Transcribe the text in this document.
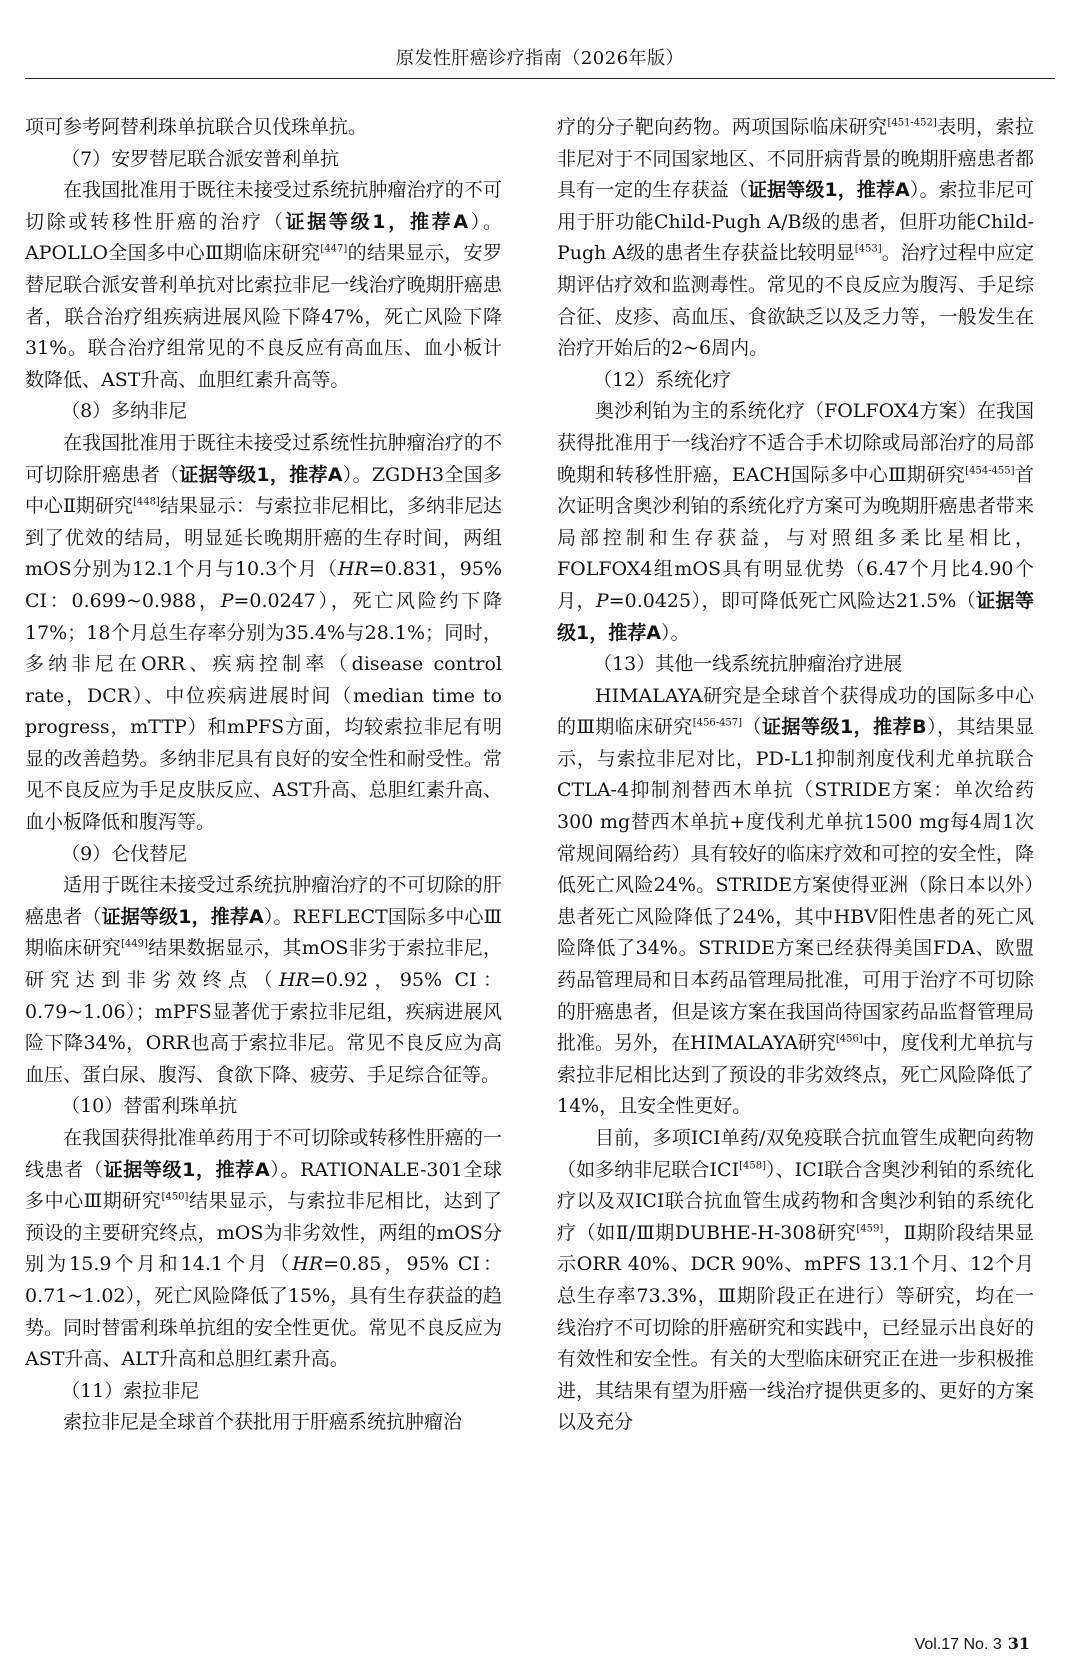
原发性肝癌诊疗指南（2026年版）

项可参考阿替利珠单抗联合贝伐珠单抗。

（7）安罗替尼联合派安普利单抗

在我国批准用于既往未接受过系统抗肿瘤治疗的不可切除或转移性肝癌的治疗（证据等级1，推荐A）。APOLLO全国多中心Ⅲ期临床研究[447]的结果显示，安罗替尼联合派安普利单抗对比索拉非尼一线治疗晚期肝癌患者，联合治疗组疾病进展风险下降47%，死亡风险下降31%。联合治疗组常见的不良反应有高血压、血小板计数降低、AST升高、血胆红素升高等。

（8）多纳非尼

在我国批准用于既往未接受过系统性抗肿瘤治疗的不可切除肝癌患者（证据等级1，推荐A）。ZGDH3全国多中心Ⅱ期研究[448]结果显示：与索拉非尼相比，多纳非尼达到了优效的结局，明显延长晚期肝癌的生存时间，两组mOS分别为12.1个月与10.3个月（HR=0.831，95% CI：0.699~0.988，P=0.0247），死亡风险约下降17%；18个月总生存率分别为35.4%与28.1%；同时，多纳非尼在ORR、疾病控制率（disease control rate，DCR）、中位疾病进展时间（median time to progress，mTTP）和mPFS方面，均较索拉非尼有明显的改善趋势。多纳非尼具有良好的安全性和耐受性。常见不良反应为手足皮肤反应、AST升高、总胆红素升高、血小板降低和腹泻等。

（9）仑伐替尼

适用于既往未接受过系统抗肿瘤治疗的不可切除的肝癌患者（证据等级1，推荐A）。REFLECT国际多中心Ⅲ期临床研究[449]结果数据显示，其mOS非劣于索拉非尼，研究达到非劣效终点（HR=0.92，95% CI：0.79~1.06）；mPFS显著优于索拉非尼组，疾病进展风险下降34%，ORR也高于索拉非尼。常见不良反应为高血压、蛋白尿、腹泻、食欲下降、疲劳、手足综合征等。

（10）替雷利珠单抗

在我国获得批准单药用于不可切除或转移性肝癌的一线患者（证据等级1，推荐A）。RATIONALE-301全球多中心Ⅲ期研究[450]结果显示，与索拉非尼相比，达到了预设的主要研究终点，mOS为非劣效性，两组的mOS分别为15.9个月和14.1个月（HR=0.85，95% CI：0.71~1.02），死亡风险降低了15%，具有生存获益的趋势。同时替雷利珠单抗组的安全性更优。常见不良反应为AST升高、ALT升高和总胆红素升高。

（11）索拉非尼

索拉非尼是全球首个获批用于肝癌系统抗肿瘤治

疗的分子靶向药物。两项国际临床研究[451-452]表明，索拉非尼对于不同国家地区、不同肝病背景的晚期肝癌患者都具有一定的生存获益（证据等级1，推荐A）。索拉非尼可用于肝功能Child-Pugh A/B级的患者，但肝功能Child-Pugh A级的患者生存获益比较明显[453]。治疗过程中应定期评估疗效和监测毒性。常见的不良反应为腹泻、手足综合征、皮疹、高血压、食欲缺乏以及乏力等，一般发生在治疗开始后的2~6周内。

（12）系统化疗

奥沙利铂为主的系统化疗（FOLFOX4方案）在我国获得批准用于一线治疗不适合手术切除或局部治疗的局部晚期和转移性肝癌，EACH国际多中心Ⅲ期研究[454-455]首次证明含奥沙利铂的系统化疗方案可为晚期肝癌患者带来局部控制和生存获益，与对照组多柔比星相比，FOLFOX4组mOS具有明显优势（6.47个月比4.90个月，P=0.0425），即可降低死亡风险达21.5%（证据等级1，推荐A）。

（13）其他一线系统抗肿瘤治疗进展

HIMALAYA研究是全球首个获得成功的国际多中心的Ⅲ期临床研究[456-457]（证据等级1，推荐B），其结果显示，与索拉非尼对比，PD-L1抑制剂度伐利尤单抗联合CTLA-4抑制剂替西木单抗（STRIDE方案：单次给药300 mg替西木单抗+度伐利尤单抗1500 mg每4周1次常规间隔给药）具有较好的临床疗效和可控的安全性，降低死亡风险24%。STRIDE方案使得亚洲（除日本以外）患者死亡风险降低了24%，其中HBV阳性患者的死亡风险降低了34%。STRIDE方案已经获得美国FDA、欧盟药品管理局和日本药品管理局批准，可用于治疗不可切除的肝癌患者，但是该方案在我国尚待国家药品监督管理局批准。另外，在HIMALAYA研究[456]中，度伐利尤单抗与索拉非尼相比达到了预设的非劣效终点，死亡风险降低了14%，且安全性更好。

目前，多项ICI单药/双免疫联合抗血管生成靶向药物（如多纳非尼联合ICI[458]）、ICI联合含奥沙利铂的系统化疗以及双ICI联合抗血管生成药物和含奥沙利铂的系统化疗（如Ⅱ/Ⅲ期DUBHE-H-308研究[459]，Ⅱ期阶段结果显示ORR 40%、DCR 90%、mPFS 13.1个月、12个月总生存率73.3%，Ⅲ期阶段正在进行）等研究，均在一线治疗不可切除的肝癌研究和实践中，已经显示出良好的有效性和安全性。有关的大型临床研究正在进一步积极推进，其结果有望为肝癌一线治疗提供更多的、更好的方案以及充分

Vol.17 No. 3 31
